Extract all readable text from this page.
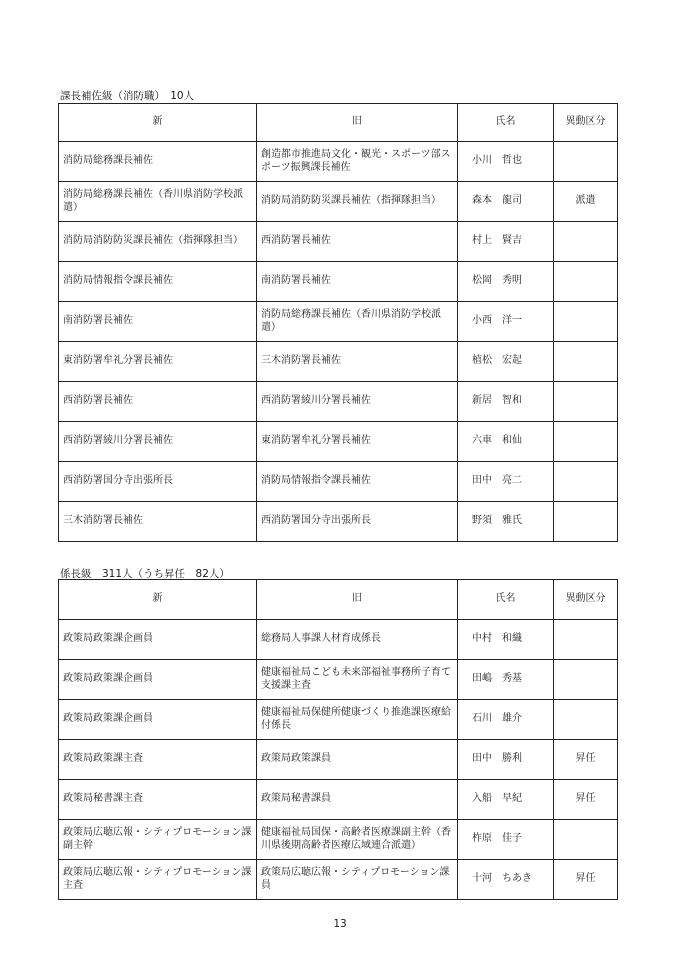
課長補佐級（消防職）　10人
新	旧	氏名	異動区分
消防局総務課長補佐	創造都市推進局文化・観光・スポーツ部スポーツ振興課長補佐	小川　哲也	
消防局総務課長補佐（香川県消防学校派遣）	消防局消防防災課長補佐（指揮隊担当）	森本　龍司	派遣
消防局消防防災課長補佐（指揮隊担当）	西消防署長補佐	村上　賢吉	
消防局情報指令課長補佐	南消防署長補佐	松岡　秀明	
南消防署長補佐	消防局総務課長補佐（香川県消防学校派遣）	小西　洋一	
東消防署牟礼分署長補佐	三木消防署長補佐	植松　宏起	
西消防署長補佐	西消防署綾川分署長補佐	新居　智和	
西消防署綾川分署長補佐	東消防署牟礼分署長補佐	六車　和仙	
西消防署国分寺出張所長	消防局情報指令課長補佐	田中　亮二	
三木消防署長補佐	西消防署国分寺出張所長	野須　雅氏	
係長級　311人（うち昇任　82人）
新	旧	氏名	異動区分
政策局政策課企画員	総務局人事課人材育成係長	中村　和織	
政策局政策課企画員	健康福祉局こども未来部福祉事務所子育て支援課主査	田嶋　秀基	
政策局政策課企画員	健康福祉局保健所健康づくり推進課医療給付係長	石川　雄介	
政策局政策課主査	政策局政策課員	田中　勝利	昇任
政策局秘書課主査	政策局秘書課員	入船　早紀	昇任
政策局広聴広報・シティプロモーション課副主幹	健康福祉局国保・高齢者医療課副主幹（香川県後期高齢者医療広域連合派遣）	柞原　佳子	
政策局広聴広報・シティプロモーション課主査	政策局広聴広報・シティプロモーション課員	十河　ちあき	昇任
13
